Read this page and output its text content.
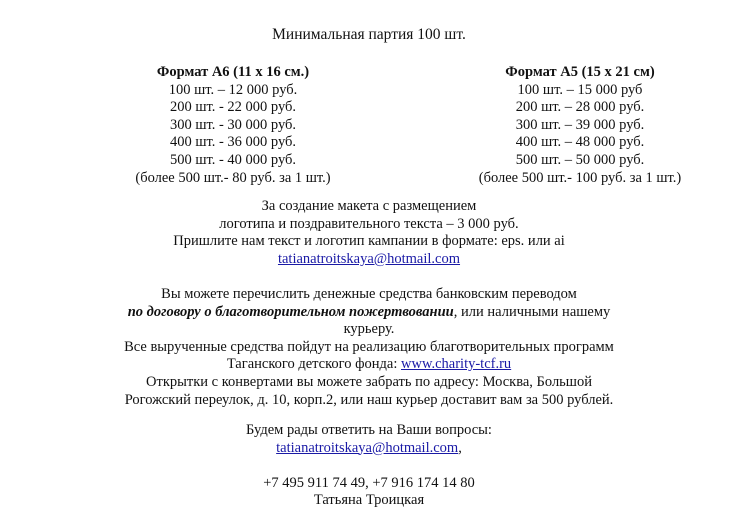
Минимальная партия 100 шт.
Формат А6 (11 х 16 см.)
100 шт. – 12 000 руб.
200 шт. - 22 000 руб.
300 шт. - 30 000 руб.
400 шт. - 36 000 руб.
500 шт. - 40 000 руб.
(более 500 шт.- 80 руб. за 1 шт.)
Формат А5 (15 х 21 см)
100 шт. – 15 000 руб
200 шт. – 28 000 руб.
300 шт. – 39 000 руб.
400 шт. – 48 000 руб.
500 шт. – 50 000 руб.
(более 500 шт.- 100 руб. за 1 шт.)
За создание макета с размещением
логотипа и поздравительного текста – 3 000 руб.
Пришлите нам текст и логотип кампании в формате: eps. или ai
tatianatroitskaya@hotmail.com
Вы можете перечислить денежные средства банковским переводом
по договору о благотворительном пожертвовании, или наличными нашему
курьеру.
Все вырученные средства пойдут на реализацию благотворительных программ
Таганского детского фонда: www.charity-tcf.ru
Открытки с конвертами вы можете забрать по адресу: Москва, Большой
Рогожский переулок, д. 10, корп.2, или наш курьер доставит вам за 500 рублей.
Будем рады ответить на Ваши вопросы:
tatianatroitskaya@hotmail.com,
+7 495 911 74 49, +7 916 174 14 80
Татьяна Троицкая
